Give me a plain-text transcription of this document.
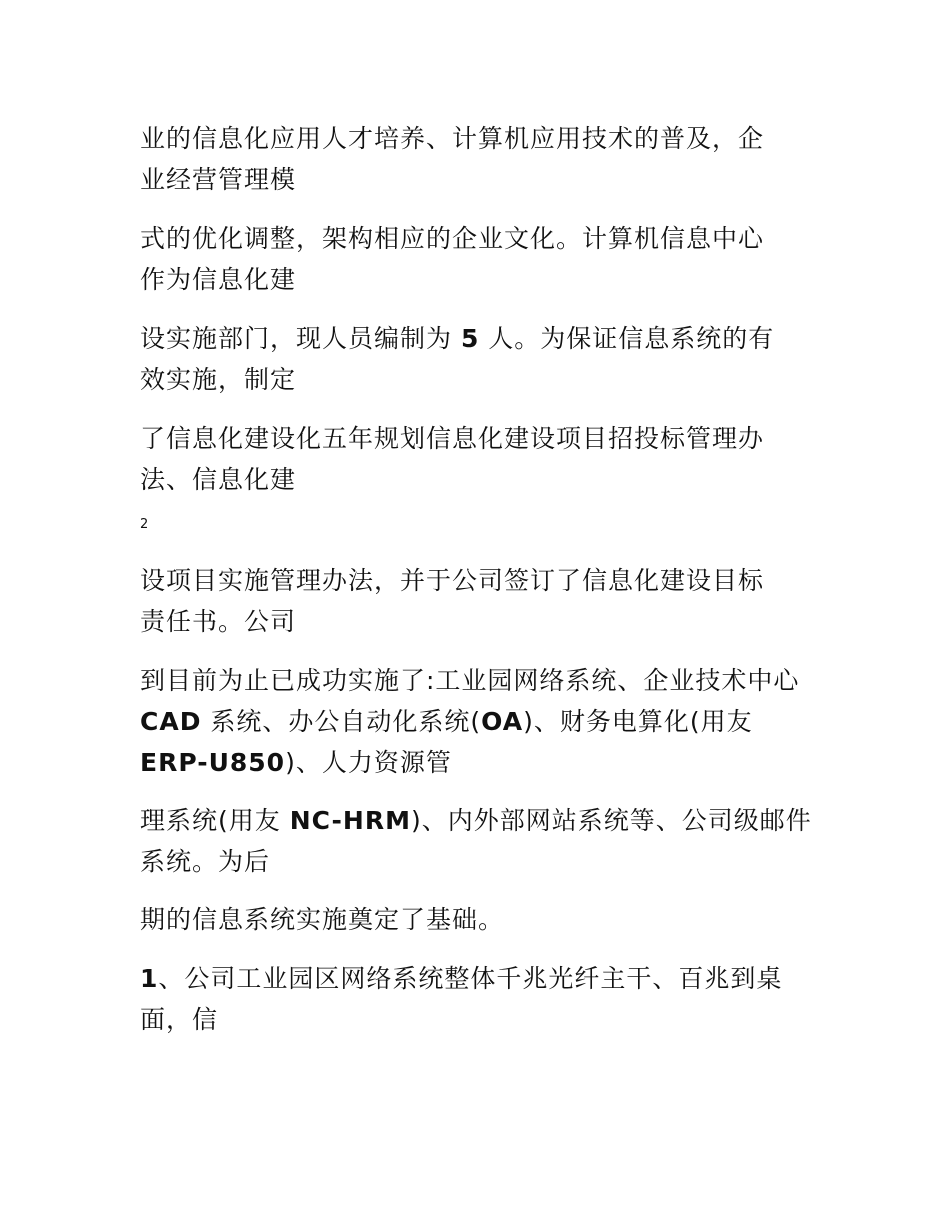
业的信息化应用人才培养、计算机应用技术的普及，企
业经营管理模

式的优化调整，架构相应的企业文化。计算机信息中心
作为信息化建

设实施部门，现人员编制为 5 人。为保证信息系统的有
效实施，制定

了信息化建设化五年规划信息化建设项目招投标管理办
法、信息化建

2

设项目实施管理办法，并于公司签订了信息化建设目标
责任书。公司

到目前为止已成功实施了:工业园网络系统、企业技术中心 CAD 系统、办公自动化系统(OA)、财务电算化(用友 ERP-U850)、人力资源管

理系统(用友 NC-HRM)、内外部网站系统等、公司级邮件系统。为后

期的信息系统实施奠定了基础。

1、公司工业园区网络系统整体千兆光纤主干、百兆到桌面，信
